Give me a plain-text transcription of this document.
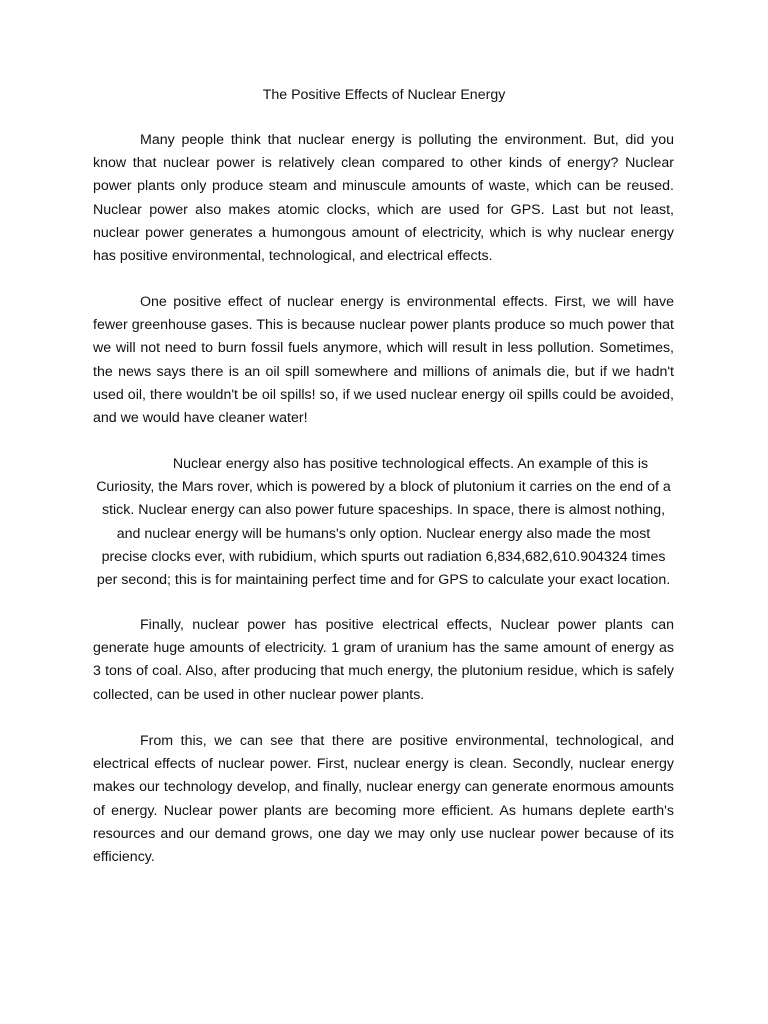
The Positive Effects of Nuclear Energy

Many people think that nuclear energy is polluting the environment. But, did you know that nuclear power is relatively clean compared to other kinds of energy? Nuclear power plants only produce steam and minuscule amounts of waste, which can be reused. Nuclear power also makes atomic clocks, which are used for GPS. Last but not least, nuclear power generates a humongous amount of electricity, which is why nuclear energy has positive environmental, technological, and electrical effects.

One positive effect of nuclear energy is environmental effects. First, we will have fewer greenhouse gases. This is because nuclear power plants produce so much power that we will not need to burn fossil fuels anymore, which will result in less pollution. Sometimes, the news says there is an oil spill somewhere and millions of animals die, but if we hadn't used oil, there wouldn't be oil spills! so, if we used nuclear energy oil spills could be avoided, and we would have cleaner water!

Nuclear energy also has positive technological effects. An example of this is Curiosity, the Mars rover, which is powered by a block of plutonium it carries on the end of a stick. Nuclear energy can also power future spaceships. In space, there is almost nothing, and nuclear energy will be humans's only option. Nuclear energy also made the most precise clocks ever, with rubidium, which spurts out radiation 6,834,682,610.904324 times per second; this is for maintaining perfect time and for GPS to calculate your exact location.

Finally, nuclear power has positive electrical effects, Nuclear power plants can generate huge amounts of electricity. 1 gram of uranium has the same amount of energy as 3 tons of coal. Also, after producing that much energy, the plutonium residue, which is safely collected, can be used in other nuclear power plants.

From this, we can see that there are positive environmental, technological, and electrical effects of nuclear power. First, nuclear energy is clean. Secondly, nuclear energy makes our technology develop, and finally, nuclear energy can generate enormous amounts of energy. Nuclear power plants are becoming more efficient. As humans deplete earth's resources and our demand grows, one day we may only use nuclear power because of its efficiency.
